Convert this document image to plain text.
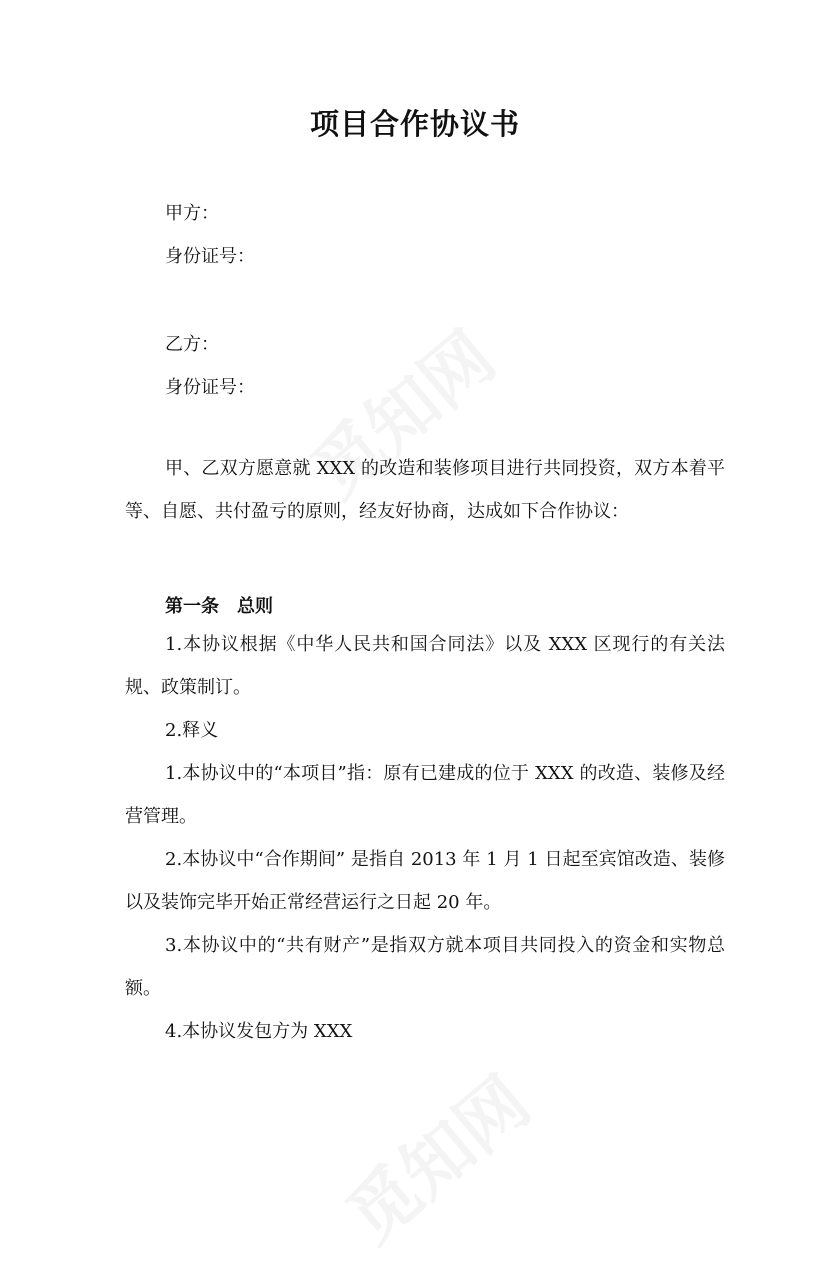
项目合作协议书
甲方：
身份证号：
乙方：
身份证号：
甲、乙双方愿意就 XXX 的改造和装修项目进行共同投资，双方本着平等、自愿、共付盈亏的原则，经友好协商，达成如下合作协议：
第一条　总则
1.本协议根据《中华人民共和国合同法》以及 XXX 区现行的有关法规、政策制订。
2.释义
1.本协议中的“本项目”指：原有已建成的位于 XXX 的改造、装修及经营管理。
2.本协议中“合作期间” 是指自 2013 年 1 月 1 日起至宾馆改造、装修以及装饰完毕开始正常经营运行之日起 20 年。
3.本协议中的“共有财产”是指双方就本项目共同投入的资金和实物总额。
4.本协议发包方为 XXX
